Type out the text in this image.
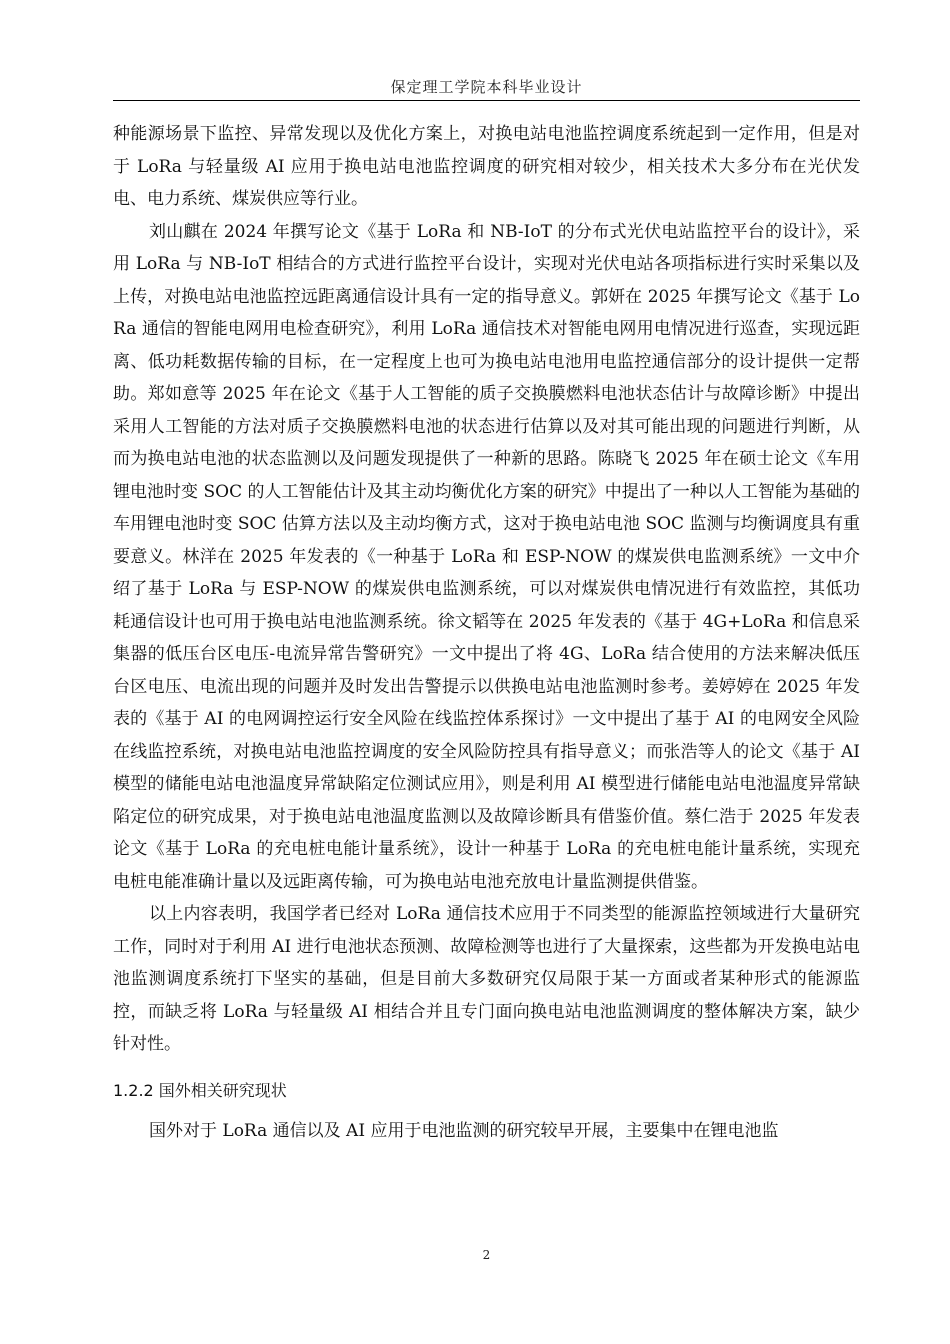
保定理工学院本科毕业设计

种能源场景下监控、异常发现以及优化方案上，对换电站电池监控调度系统起到一定作用，但是对于 LoRa 与轻量级 AI 应用于换电站电池监控调度的研究相对较少，相关技术大多分布在光伏发电、电力系统、煤炭供应等行业。

刘山麒在 2024 年撰写论文《基于 LoRa 和 NB-IoT 的分布式光伏电站监控平台的设计》，采用 LoRa 与 NB-IoT 相结合的方式进行监控平台设计，实现对光伏电站各项指标进行实时采集以及上传，对换电站电池监控远距离通信设计具有一定的指导意义。郭妍在 2025 年撰写论文《基于 LoRa 通信的智能电网用电检查研究》，利用 LoRa 通信技术对智能电网用电情况进行巡查，实现远距离、低功耗数据传输的目标，在一定程度上也可为换电站电池用电监控通信部分的设计提供一定帮助。郑如意等 2025 年在论文《基于人工智能的质子交换膜燃料电池状态估计与故障诊断》中提出采用人工智能的方法对质子交换膜燃料电池的状态进行估算以及对其可能出现的问题进行判断，从而为换电站电池的状态监测以及问题发现提供了一种新的思路。陈晓飞 2025 年在硕士论文《车用锂电池时变 SOC 的人工智能估计及其主动均衡优化方案的研究》中提出了一种以人工智能为基础的车用锂电池时变 SOC 估算方法以及主动均衡方式，这对于换电站电池 SOC 监测与均衡调度具有重要意义。林洋在 2025 年发表的《一种基于 LoRa 和 ESP-NOW 的煤炭供电监测系统》一文中介绍了基于 LoRa 与 ESP-NOW 的煤炭供电监测系统，可以对煤炭供电情况进行有效监控，其低功耗通信设计也可用于换电站电池监测系统。徐文韬等在 2025 年发表的《基于 4G+LoRa 和信息采集器的低压台区电压-电流异常告警研究》一文中提出了将 4G、LoRa 结合使用的方法来解决低压台区电压、电流出现的问题并及时发出告警提示以供换电站电池监测时参考。姜婷婷在 2025 年发表的《基于 AI 的电网调控运行安全风险在线监控体系探讨》一文中提出了基于 AI 的电网安全风险在线监控系统，对换电站电池监控调度的安全风险防控具有指导意义；而张浩等人的论文《基于 AI 模型的储能电站电池温度异常缺陷定位测试应用》，则是利用 AI 模型进行储能电站电池温度异常缺陷定位的研究成果，对于换电站电池温度监测以及故障诊断具有借鉴价值。蔡仁浩于 2025 年发表论文《基于 LoRa 的充电桩电能计量系统》，设计一种基于 LoRa 的充电桩电能计量系统，实现充电桩电能准确计量以及远距离传输，可为换电站电池充放电计量监测提供借鉴。

以上内容表明，我国学者已经对 LoRa 通信技术应用于不同类型的能源监控领域进行大量研究工作，同时对于利用 AI 进行电池状态预测、故障检测等也进行了大量探索，这些都为开发换电站电池监测调度系统打下坚实的基础，但是目前大多数研究仅局限于某一方面或者某种形式的能源监控，而缺乏将 LoRa 与轻量级 AI 相结合并且专门面向换电站电池监测调度的整体解决方案，缺少针对性。

1.2.2 国外相关研究现状

国外对于 LoRa 通信以及 AI 应用于电池监测的研究较早开展，主要集中在锂电池监

2
